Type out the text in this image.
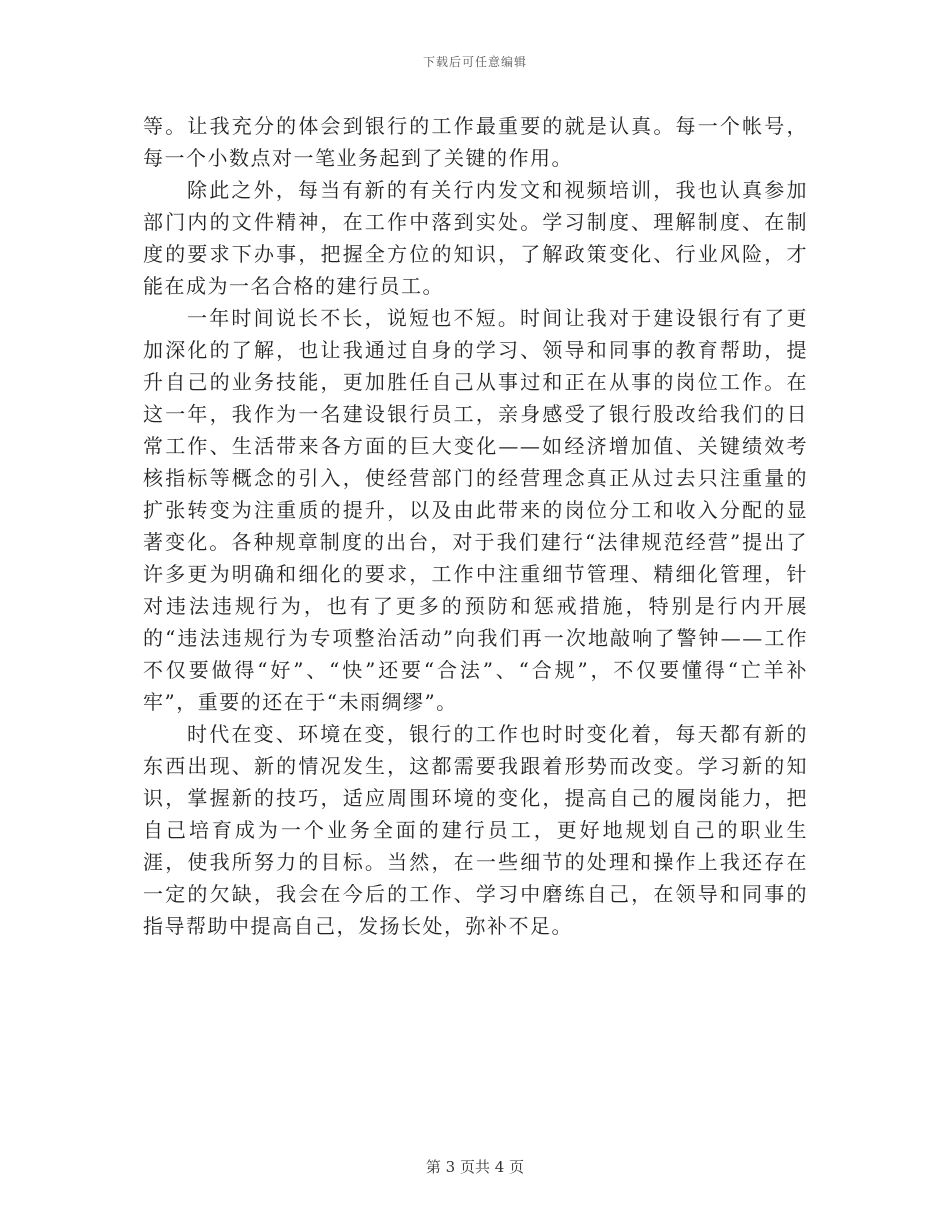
下载后可任意编辑

等。让我充分的体会到银行的工作最重要的就是认真。每一个帐号，每一个小数点对一笔业务起到了关键的作用。

除此之外，每当有新的有关行内发文和视频培训，我也认真参加部门内的文件精神，在工作中落到实处。学习制度、理解制度、在制度的要求下办事，把握全方位的知识，了解政策变化、行业风险，才能在成为一名合格的建行员工。

一年时间说长不长，说短也不短。时间让我对于建设银行有了更加深化的了解，也让我通过自身的学习、领导和同事的教育帮助，提升自己的业务技能，更加胜任自己从事过和正在从事的岗位工作。在这一年，我作为一名建设银行员工，亲身感受了银行股改给我们的日常工作、生活带来各方面的巨大变化——如经济增加值、关键绩效考核指标等概念的引入，使经营部门的经营理念真正从过去只注重量的扩张转变为注重质的提升，以及由此带来的岗位分工和收入分配的显著变化。各种规章制度的出台，对于我们建行“法律规范经营”提出了许多更为明确和细化的要求，工作中注重细节管理、精细化管理，针对违法违规行为，也有了更多的预防和惩戒措施，特别是行内开展的“违法违规行为专项整治活动”向我们再一次地敲响了警钟——工作不仅要做得“好”、“快”还要“合法”、“合规”，不仅要懂得“亡羊补牢”，重要的还在于“未雨绸缪”。

时代在变、环境在变，银行的工作也时时变化着，每天都有新的东西出现、新的情况发生，这都需要我跟着形势而改变。学习新的知识，掌握新的技巧，适应周围环境的变化，提高自己的履岗能力，把自己培育成为一个业务全面的建行员工，更好地规划自己的职业生涯，使我所努力的目标。当然，在一些细节的处理和操作上我还存在一定的欠缺，我会在今后的工作、学习中磨练自己，在领导和同事的指导帮助中提高自己，发扬长处，弥补不足。

第 3 页共 4 页
